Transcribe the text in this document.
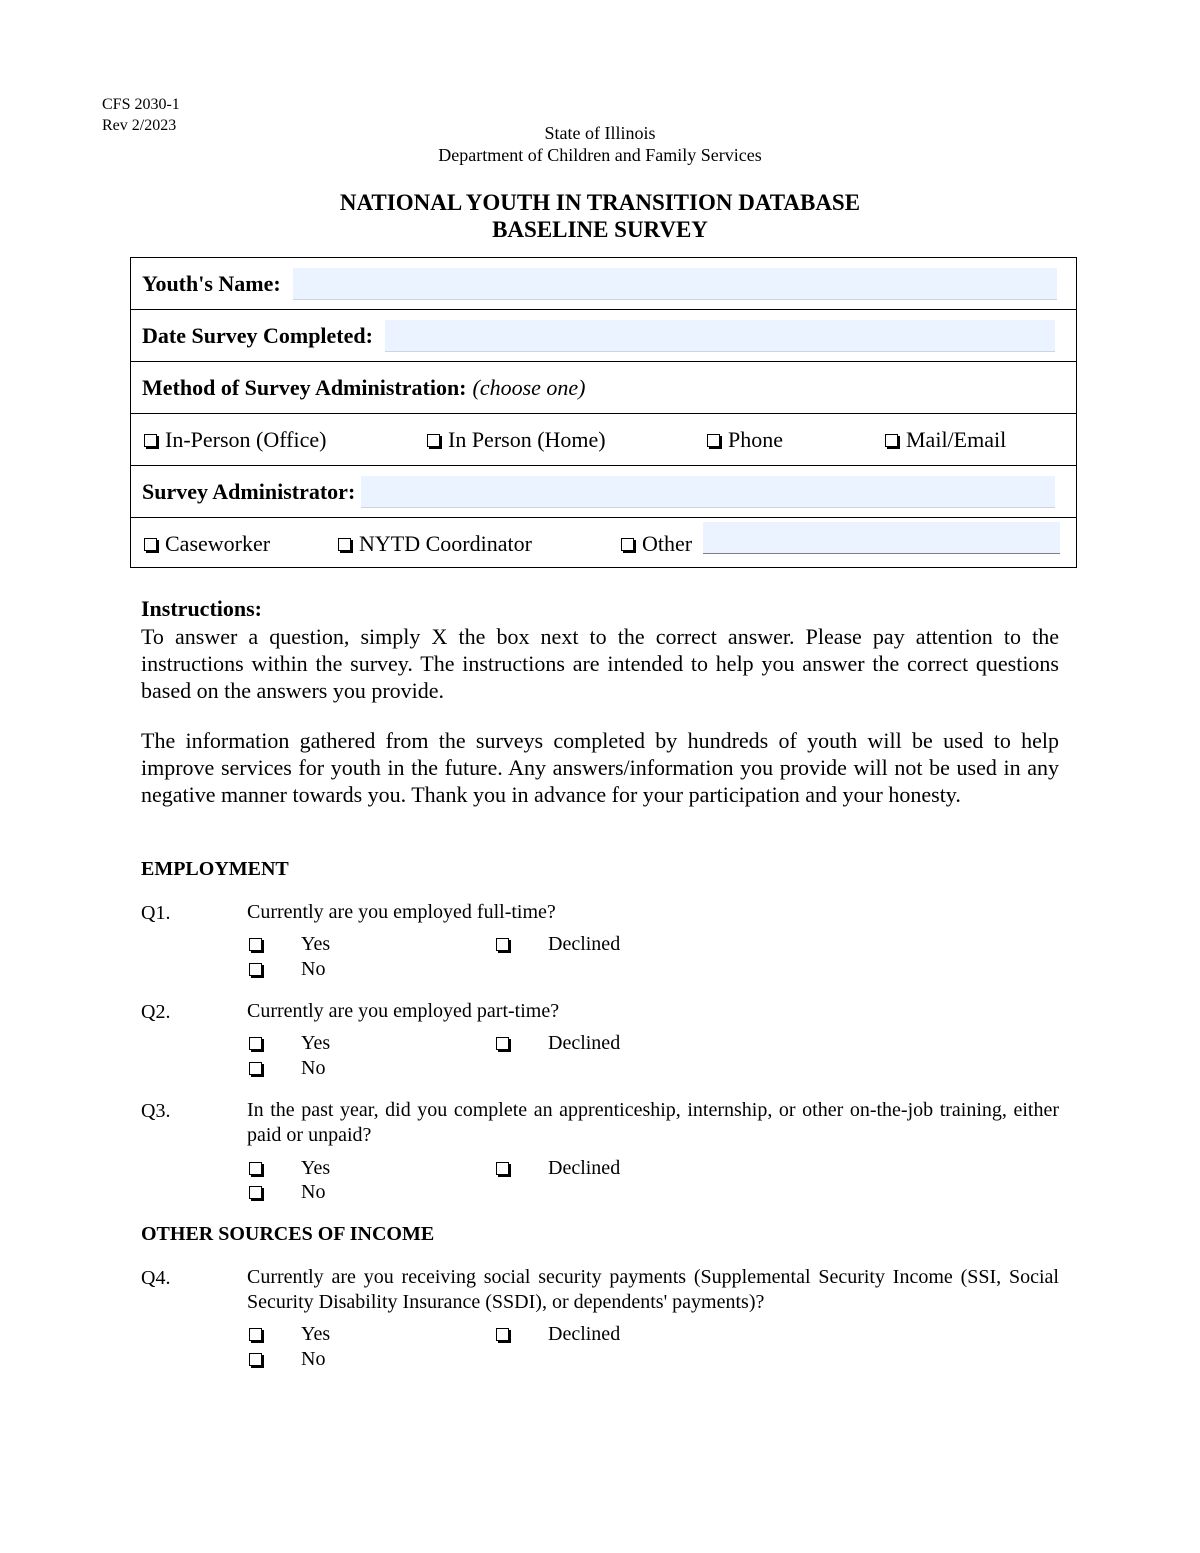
CFS 2030-1
Rev 2/2023	State of Illinois
Department of Children and Family Services
NATIONAL YOUTH IN TRANSITION DATABASE
BASELINE SURVEY
Youth's Name:
Date Survey Completed:
Method of Survey Administration: (choose one)
In-Person (Office)	In Person (Home)	Phone	Mail/Email
Survey Administrator:
Caseworker	NYTD Coordinator	Other
Instructions:
To answer a question, simply X the box next to the correct answer. Please pay attention to the instructions within the survey. The instructions are intended to help you answer the correct questions based on the answers you provide.
The information gathered from the surveys completed by hundreds of youth will be used to help improve services for youth in the future. Any answers/information you provide will not be used in any negative manner towards you. Thank you in advance for your participation and your honesty.
EMPLOYMENT
Q1.	Currently are you employed full-time?
Yes	Declined
No
Q2.	Currently are you employed part-time?
Yes	Declined
No
Q3.	In the past year, did you complete an apprenticeship, internship, or other on-the-job training, either paid or unpaid?
Yes	Declined
No
OTHER SOURCES OF INCOME
Q4.	Currently are you receiving social security payments (Supplemental Security Income (SSI, Social Security Disability Insurance (SSDI), or dependents' payments)?
Yes	Declined
No
